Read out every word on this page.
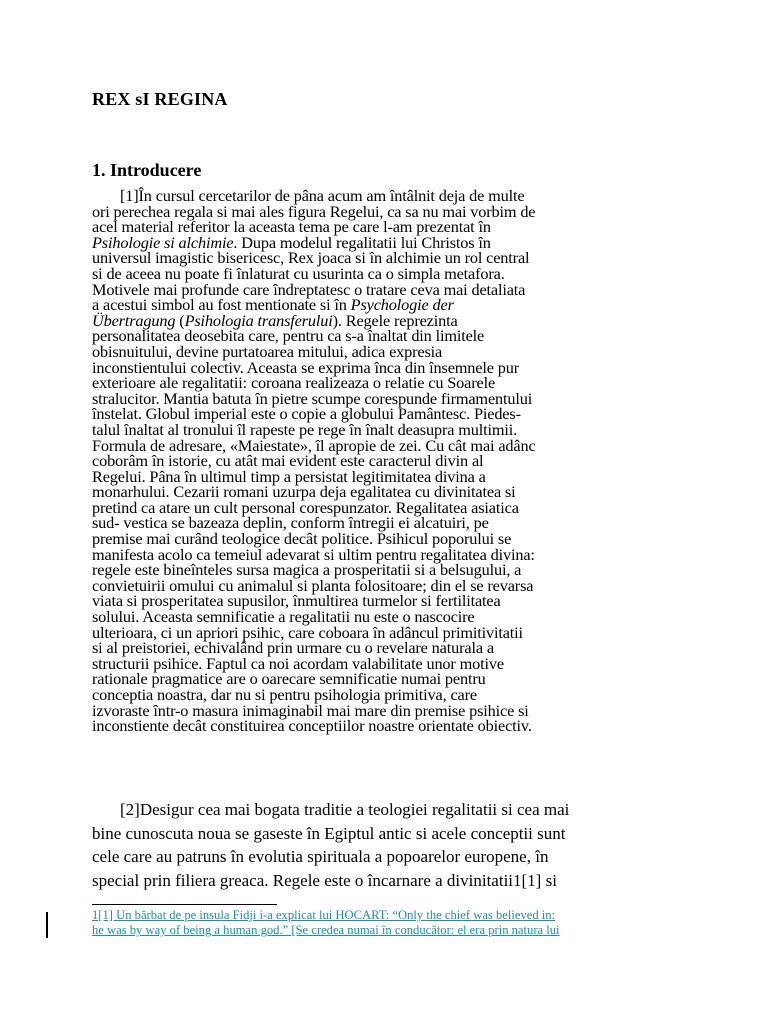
REX sI REGINA
1. Introducere

[1]În cursul cercetarilor de pâna acum am întâlnit deja de multe
ori perechea regala si mai ales figura Regelui, ca sa nu mai vorbim de
acel material referitor la aceasta tema pe care l-am prezentat în
Psihologie si alchimie. Dupa modelul regalitatii lui Christos în
universul imagistic bisericesc, Rex joaca si în alchimie un rol central
si de aceea nu poate fi înlaturat cu usurinta ca o simpla metafora.
Motivele mai profunde care îndreptatesc o tratare ceva mai detaliata
a acestui simbol au fost mentionate si în Psychologie der
Übertragung (Psihologia transferului). Regele reprezinta
personalitatea deosebita care, pentru ca s-a înaltat din limitele
obisnuitului, devine purtatoarea mitului, adica expresia
inconstientului colectiv. Aceasta se exprima înca din însemnele pur
exterioare ale regalitatii: coroana realizeaza o relatie cu Soarele
stralucitor. Mantia batuta în pietre scumpe corespunde firmamentului
înstelat. Globul imperial este o copie a globului Pamântesc. Piedes-
talul înaltat al tronului îl rapeste pe rege în înalt deasupra multimii.
Formula de adresare, «Maiestate», îl apropie de zei. Cu cât mai adânc
coborâm în istorie, cu atât mai evident este caracterul divin al
Regelui. Pâna în ultimul timp a persistat legitimitatea divina a
monarhului. Cezarii romani uzurpa deja egalitatea cu divinitatea si
pretind ca atare un cult personal corespunzator. Regalitatea asiatica
sud- vestica se bazeaza deplin, conform întregii ei alcatuiri, pe
premise mai curând teologice decât politice. Psihicul poporului se
manifesta acolo ca temeiul adevarat si ultim pentru regalitatea divina:
regele este bineînteles sursa magica a prosperitatii si a belsugului, a
convietuirii omului cu animalul si planta folositoare; din el se revarsa
viata si prosperitatea supusilor, înmultirea turmelor si fertilitatea
solului. Aceasta semnificatie a regalitatii nu este o nascocire
ulterioara, ci un apriori psihic, care coboara în adâncul primitivitatii
si al preistoriei, echivalând prin urmare cu o revelare naturala a
structurii psihice. Faptul ca noi acordam valabilitate unor motive
rationale pragmatice are o oarecare semnificatie numai pentru
conceptia noastra, dar nu si pentru psihologia primitiva, care
izvoraste într-o masura inimaginabil mai mare din premise psihice si
inconstiente decât constituirea conceptiilor noastre orientate obiectiv.

[2]Desigur cea mai bogata traditie a teologiei regalitatii si cea mai
bine cunoscuta noua se gaseste în Egiptul antic si acele conceptii sunt
cele care au patruns în evolutia spirituala a popoarelor europene, în
special prin filiera greaca. Regele este o încarnare a divinitatii1[1] si

1[1] Un bărbat de pe insula Fidji i-a explicat lui HOCART: “Only the chief was believed in:
he was by way of being a human god.” [Se credea numai în conducător: el era prin natura lui
